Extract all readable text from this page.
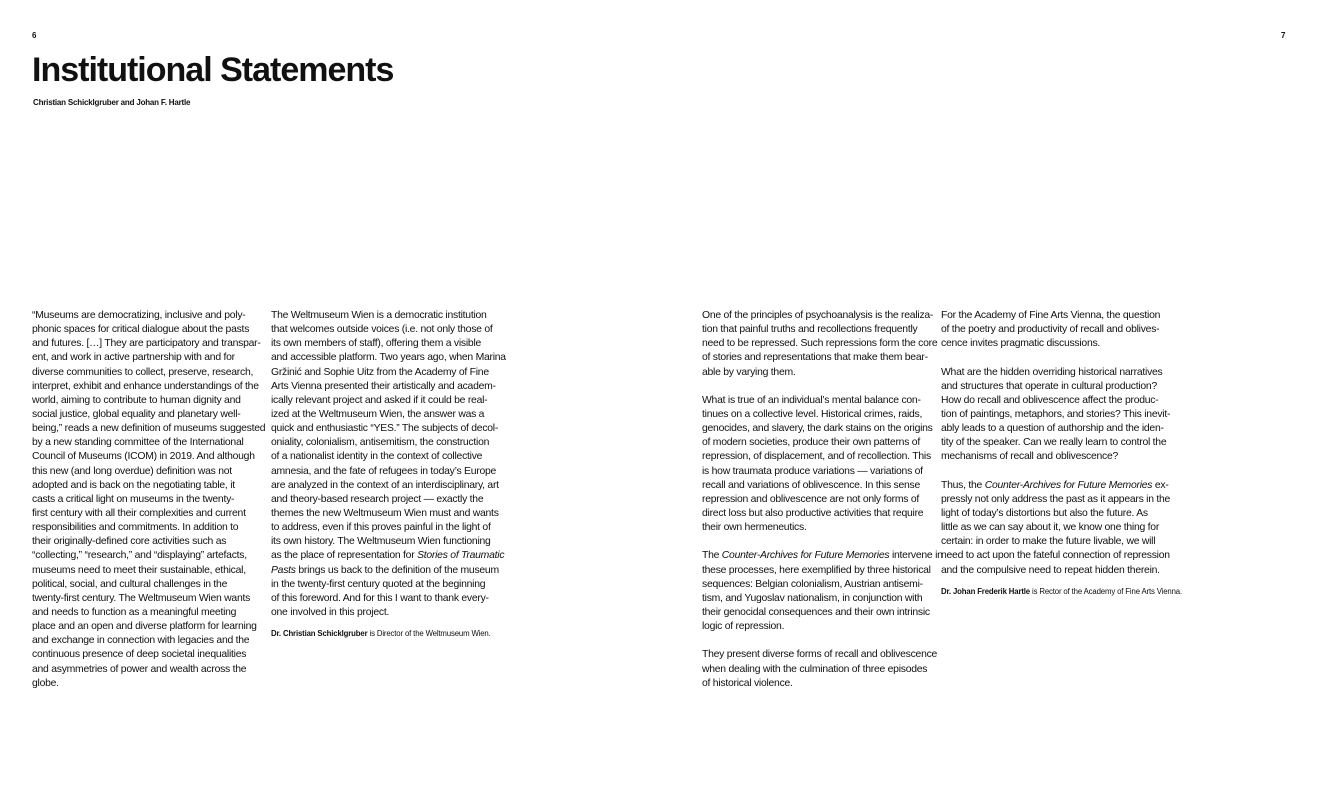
6	7
Institutional Statements
Christian Schicklgruber and Johan F. Hartle
“Museums are democratizing, inclusive and poly-
phonic spaces for critical dialogue about the pasts
and futures. […] They are participatory and transpar-
ent, and work in active partnership with and for
diverse communities to collect, preserve, research,
interpret, exhibit and enhance understandings of the
world, aiming to contribute to human dignity and
social justice, global equality and planetary well-
being,” reads a new definition of museums suggested
by a new standing committee of the International
Council of Museums (ICOM) in 2019. And although
this new (and long overdue) definition was not
adopted and is back on the negotiating table, it
casts a critical light on museums in the twenty-
first century with all their complexities and current
responsibilities and commitments. In addition to
their originally-defined core activities such as
“collecting,” “research,” and “displaying” artefacts,
museums need to meet their sustainable, ethical,
political, social, and cultural challenges in the
twenty-first century. The Weltmuseum Wien wants
and needs to function as a meaningful meeting
place and an open and diverse platform for learning
and exchange in connection with legacies and the
continuous presence of deep societal inequalities
and asymmetries of power and wealth across the
globe.
The Weltmuseum Wien is a democratic institution
that welcomes outside voices (i.e. not only those of
its own members of staff), offering them a visible
and accessible platform. Two years ago, when Marina
Gržinić and Sophie Uitz from the Academy of Fine
Arts Vienna presented their artistically and academ-
ically relevant project and asked if it could be real-
ized at the Weltmuseum Wien, the answer was a
quick and enthusiastic “YES.” The subjects of decol-
oniality, colonialism, antisemitism, the construction
of a nationalist identity in the context of collective
amnesia, and the fate of refugees in today’s Europe
are analyzed in the context of an interdisciplinary, art
and theory-based research project — exactly the
themes the new Weltmuseum Wien must and wants
to address, even if this proves painful in the light of
its own history. The Weltmuseum Wien functioning
as the place of representation for Stories of Traumatic
Pasts brings us back to the definition of the museum
in the twenty-first century quoted at the beginning
of this foreword. And for this I want to thank every-
one involved in this project.
Dr. Christian Schicklgruber is Director of the Weltmuseum Wien.
One of the principles of psychoanalysis is the realiza-
tion that painful truths and recollections frequently
need to be repressed. Such repressions form the core
of stories and representations that make them bear-
able by varying them.
What is true of an individual’s mental balance con-
tinues on a collective level. Historical crimes, raids,
genocides, and slavery, the dark stains on the origins
of modern societies, produce their own patterns of
repression, of displacement, and of recollection. This
is how traumata produce variations — variations of
recall and variations of oblivescence. In this sense
repression and oblivescence are not only forms of
direct loss but also productive activities that require
their own hermeneutics.
The Counter-Archives for Future Memories intervene in
these processes, here exemplified by three historical
sequences: Belgian colonialism, Austrian antisemi-
tism, and Yugoslav nationalism, in conjunction with
their genocidal consequences and their own intrinsic
logic of repression.
They present diverse forms of recall and oblivescence
when dealing with the culmination of three episodes
of historical violence.
For the Academy of Fine Arts Vienna, the question
of the poetry and productivity of recall and oblives-
cence invites pragmatic discussions.
What are the hidden overriding historical narratives
and structures that operate in cultural production?
How do recall and oblivescence affect the produc-
tion of paintings, metaphors, and stories? This inevit-
ably leads to a question of authorship and the iden-
tity of the speaker. Can we really learn to control the
mechanisms of recall and oblivescence?
Thus, the Counter-Archives for Future Memories ex-
pressly not only address the past as it appears in the
light of today’s distortions but also the future. As
little as we can say about it, we know one thing for
certain: in order to make the future livable, we will
need to act upon the fateful connection of repression
and the compulsive need to repeat hidden therein.
Dr. Johan Frederik Hartle is Rector of the Academy of Fine Arts Vienna.
